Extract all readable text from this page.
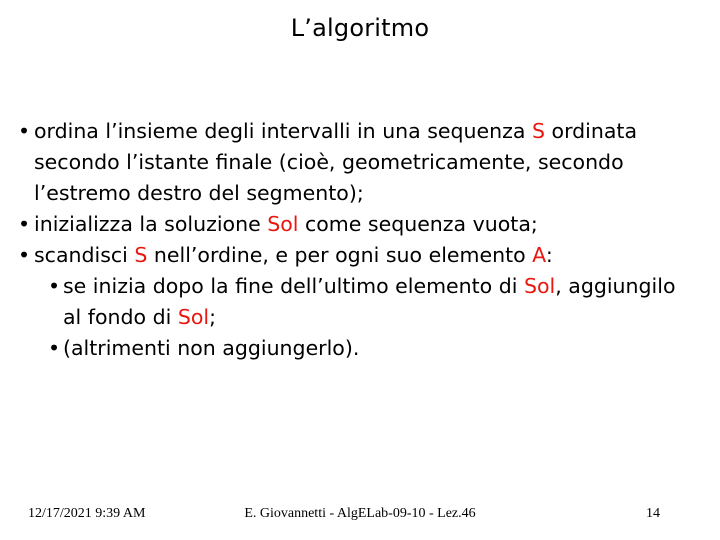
L’algoritmo
• ordina l’insieme degli intervalli in una sequenza S ordinata secondo l’istante finale (cioè, geometricamente, secondo l’estremo destro del segmento);
• inizializza la soluzione Sol come sequenza vuota;
• scandisci S nell’ordine, e per ogni suo elemento A:
• se inizia dopo la fine dell’ultimo elemento di Sol, aggiungilo al fondo di Sol;
• (altrimenti non aggiungerlo).
12/17/2021 9:39 AM	E. Giovannetti - AlgELab-09-10 - Lez.46	14
